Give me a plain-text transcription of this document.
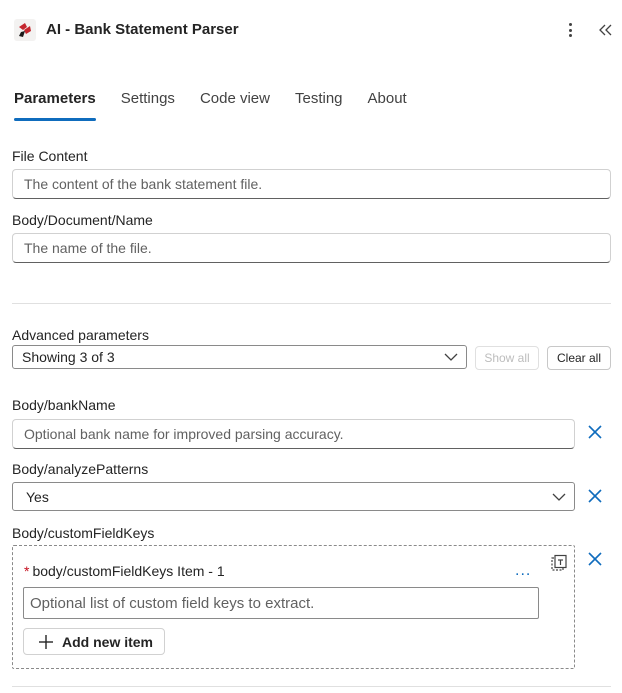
AI - Bank Statement Parser
Parameters Settings Code view Testing About
File Content
The content of the bank statement file.
Body/Document/Name
The name of the file.
Advanced parameters
Showing 3 of 3	Show all	Clear all
Body/bankName
Optional bank name for improved parsing accuracy.
Body/analyzePatterns
Yes
Body/customFieldKeys
* body/customFieldKeys Item - 1	...
Optional list of custom field keys to extract.
Add new item
